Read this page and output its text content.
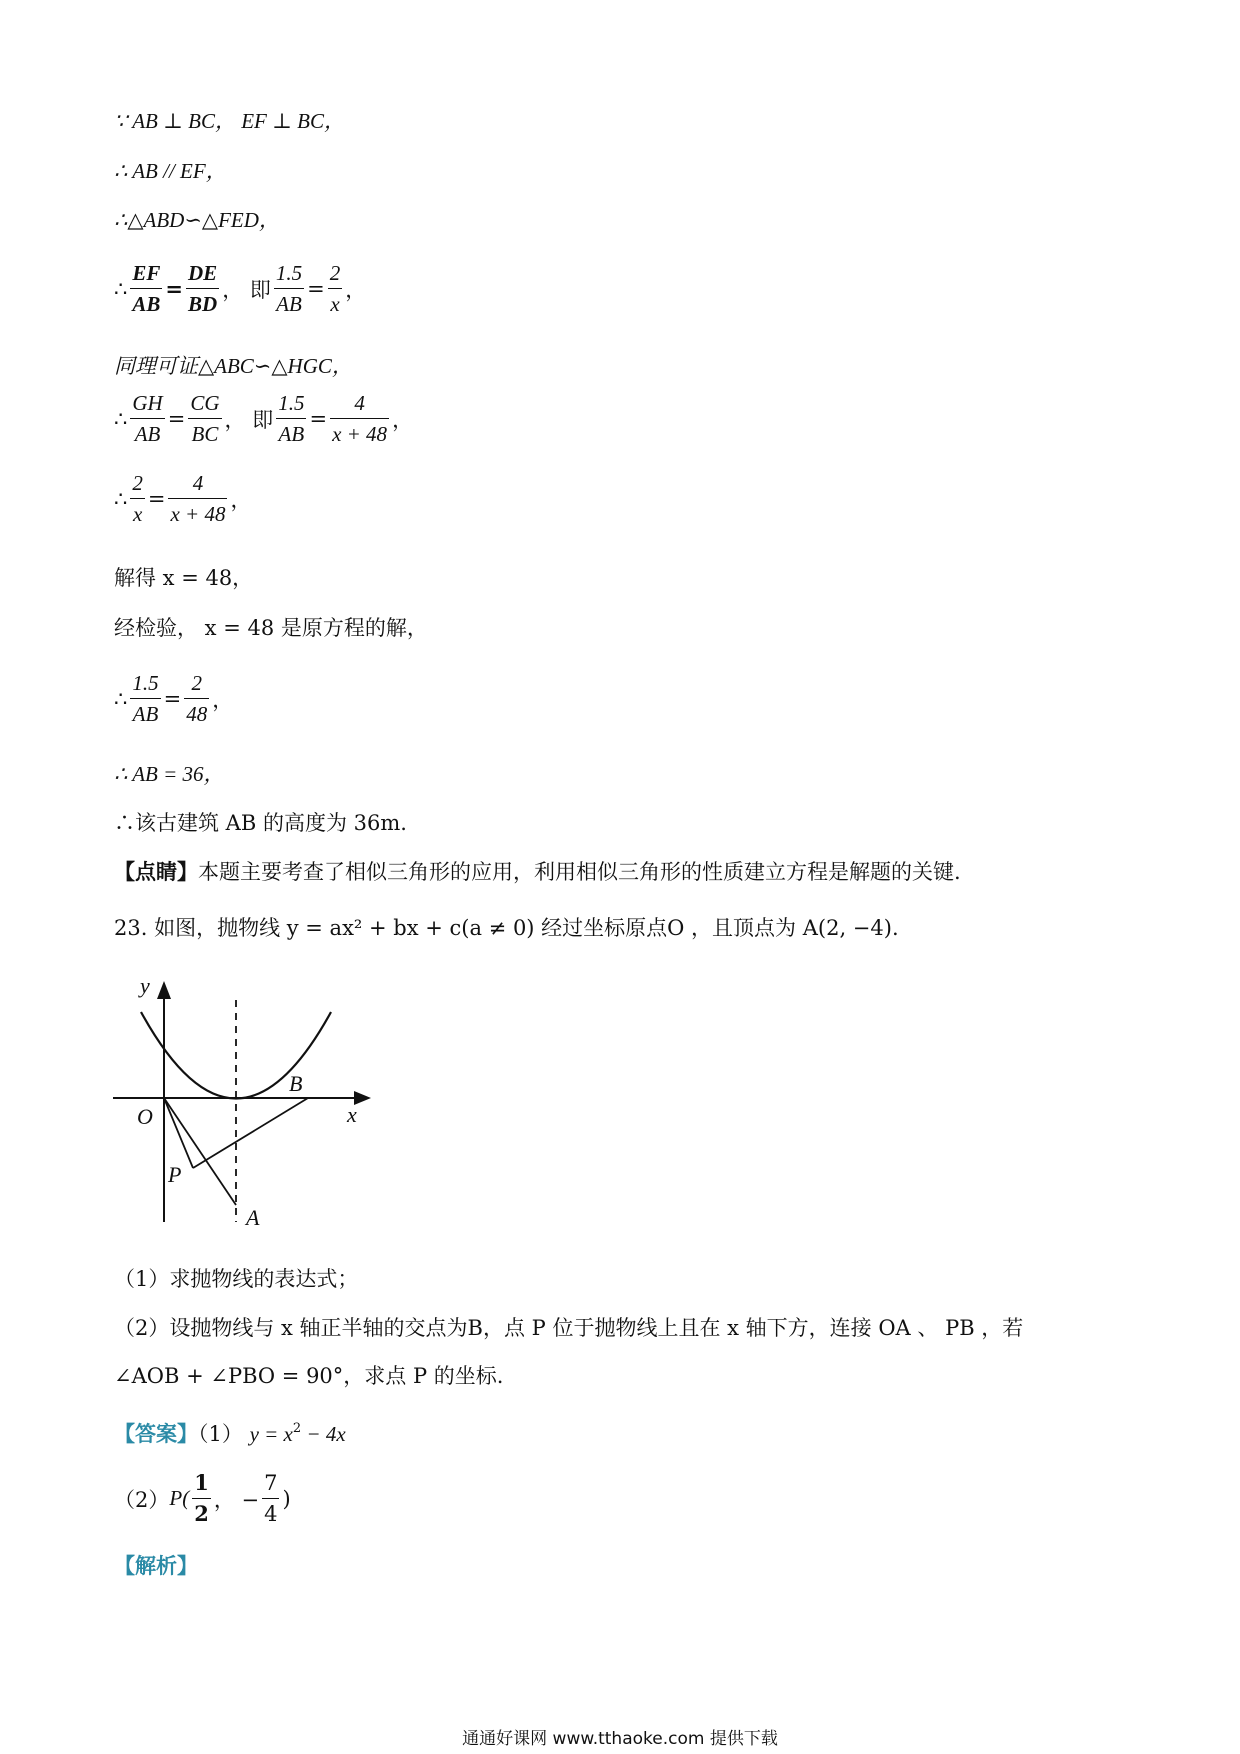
∵ AB ⊥ BC， EF ⊥ BC，
∴ AB // EF，
∴△ABD∽△FED，
∴ $\frac{EF}{AB} = \frac{DE}{BD}$ ， 即 $\frac{1.5}{AB} = \frac{2}{x}$ ，
同理可证△ABC∽△HGC，
∴ $\frac{GH}{AB} = \frac{CG}{BC}$ ， 即 $\frac{1.5}{AB} = \frac{4}{x + 48}$ ，
∴ $\frac{2}{x} = \frac{4}{x + 48}$ ，
解得 x = 48，
经检验， x = 48 是原方程的解，
∴ $\frac{1.5}{AB} = \frac{2}{48}$ ，
∴ AB = 36，
∴该古建筑 AB 的高度为 36m.
【点睛】本题主要考查了相似三角形的应用，利用相似三角形的性质建立方程是解题的关键.
23. 如图，抛物线 y = ax² + bx + c(a ≠ 0) 经过坐标原点O ，且顶点为 A(2, −4).
y
x
O
B
P
A
（1）求抛物线的表达式；
（2）设抛物线与 x 轴正半轴的交点为B，点 P 位于抛物线上且在 x 轴下方，连接 OA 、 PB ，若
∠AOB + ∠PBO = 90°，求点 P 的坐标.
【答案】（1） $y = x^2 - 4x$
（2） $P( \frac{1}{2}$ ， − $\frac{7}{4}$ )
【解析】
通通好课网 www.tthaoke.com 提供下载
